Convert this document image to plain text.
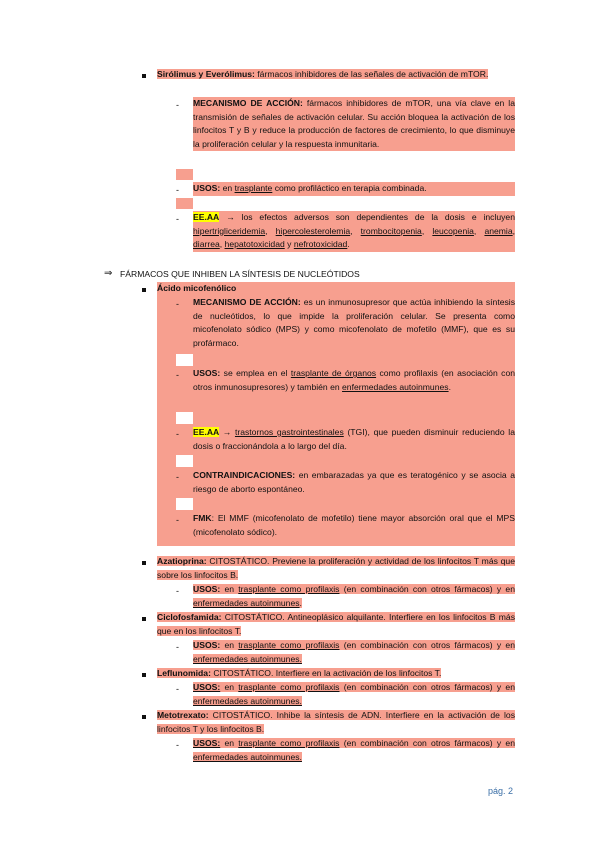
Sirólimus y Everólimus: fármacos inhibidores de las señales de activación de mTOR.

- MECANISMO DE ACCIÓN: fármacos inhibidores de mTOR, una vía clave en la transmisión de señales de activación celular. Su acción bloquea la activación de los linfocitos T y B y reduce la producción de factores de crecimiento, lo que disminuye la proliferación celular y la respuesta inmunitaria.

- USOS: en trasplante como profiláctico en terapia combinada.

- EE.AA → los efectos adversos son dependientes de la dosis e incluyen hipertrigliceridemia, hipercolesterolemia, trombocitopenia, leucopenia, anemia, diarrea, hepatotoxicidad y nefrotoxicidad.

⇒ FÁRMACOS QUE INHIBEN LA SÍNTESIS DE NUCLEÓTIDOS

Ácido micofenólico

- MECANISMO DE ACCIÓN: es un inmunosupresor que actúa inhibiendo la síntesis de nucleótidos, lo que impide la proliferación celular. Se presenta como micofenolato sódico (MPS) y como micofenolato de mofetilo (MMF), que es su profármaco.

- USOS: se emplea en el trasplante de órganos como profilaxis (en asociación con otros inmunosupresores) y también en enfermedades autoinmunes.

- EE.AA → trastornos gastrointestinales (TGI), que pueden disminuir reduciendo la dosis o fraccionándola a lo largo del día.

- CONTRAINDICACIONES: en embarazadas ya que es teratogénico y se asocia a riesgo de aborto espontáneo.

- FMK: El MMF (micofenolato de mofetilo) tiene mayor absorción oral que el MPS (micofenolato sódico).

Azatioprina: CITOSTÁTICO. Previene la proliferación y actividad de los linfocitos T más que sobre los linfocitos B.

- USOS: en trasplante como profilaxis (en combinación con otros fármacos) y en enfermedades autoinmunes.

Ciclofosfamida: CITOSTÁTICO. Antineoplásico alquilante. Interfiere en los linfocitos B más que en los linfocitos T.

- USOS: en trasplante como profilaxis (en combinación con otros fármacos) y en enfermedades autoinmunes.

Leflunomida: CITOSTÁTICO. Interfiere en la activación de los linfocitos T.

- USOS: en trasplante como profilaxis (en combinación con otros fármacos) y en enfermedades autoinmunes.

Metotrexato: CITOSTÁTICO. Inhibe la síntesis de ADN. Interfiere en la activación de los linfocitos T y los linfocitos B.

- USOS: en trasplante como profilaxis (en combinación con otros fármacos) y en enfermedades autoinmunes.

pág. 2
